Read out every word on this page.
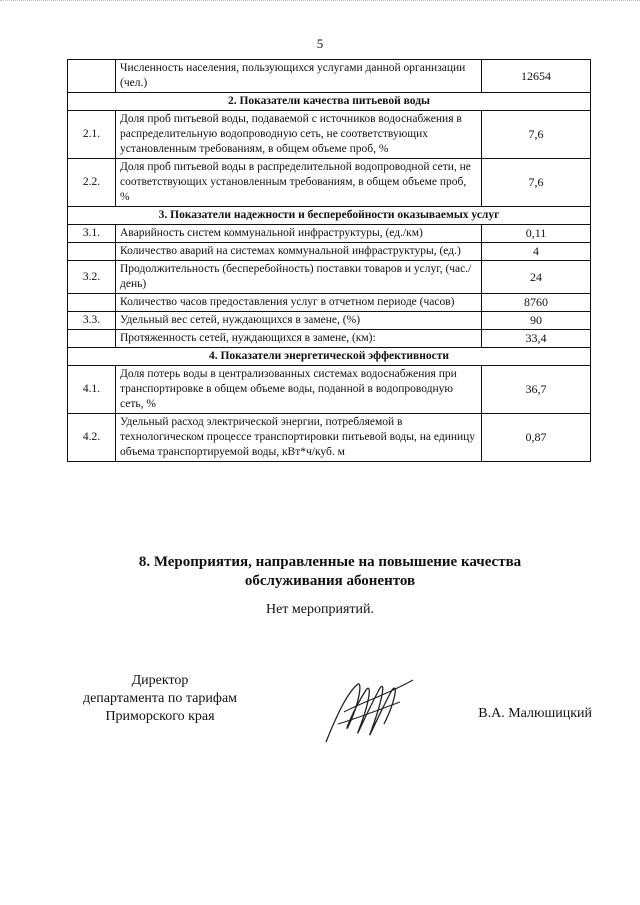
5
	Численность населения, пользующихся услугами данной организации (чел.)	12654
2. Показатели качества питьевой воды		
2.1.	Доля проб питьевой воды, подаваемой с источников водоснабжения в распределительную водопроводную сеть, не соответствующих установленным требованиям, в общем объеме проб, %	7,6
2.2.	Доля проб питьевой воды в распределительной водопроводной сети, не соответствующих установленным требованиям, в общем объеме проб, %	7,6
3. Показатели надежности и бесперебойности оказываемых услуг		
3.1.	Аварийность систем коммунальной инфраструктуры, (ед./км)	0,11
	Количество аварий на системах коммунальной инфраструктуры, (ед.)	4
3.2.	Продолжительность (бесперебойность) поставки товаров и услуг, (час./день)	24
	Количество часов предоставления услуг в отчетном периоде (часов)	8760
3.3.	Удельный вес сетей, нуждающихся в замене, (%)	90
	Протяженность сетей, нуждающихся в замене, (км):	33,4
4. Показатели энергетической эффективности		
4.1.	Доля потерь воды в централизованных системах водоснабжения при транспортировке в общем объеме воды, поданной в водопроводную сеть, %	36,7
4.2.	Удельный расход электрической энергии, потребляемой в технологическом процессе транспортировки питьевой воды, на единицу объема транспортируемой воды, кВт*ч/куб. м	0,87
8. Мероприятия, направленные на повышение качества
обслуживания абонентов
Нет мероприятий.
Директор
департамента по тарифам
Приморского края	В.А. Малюшицкий
